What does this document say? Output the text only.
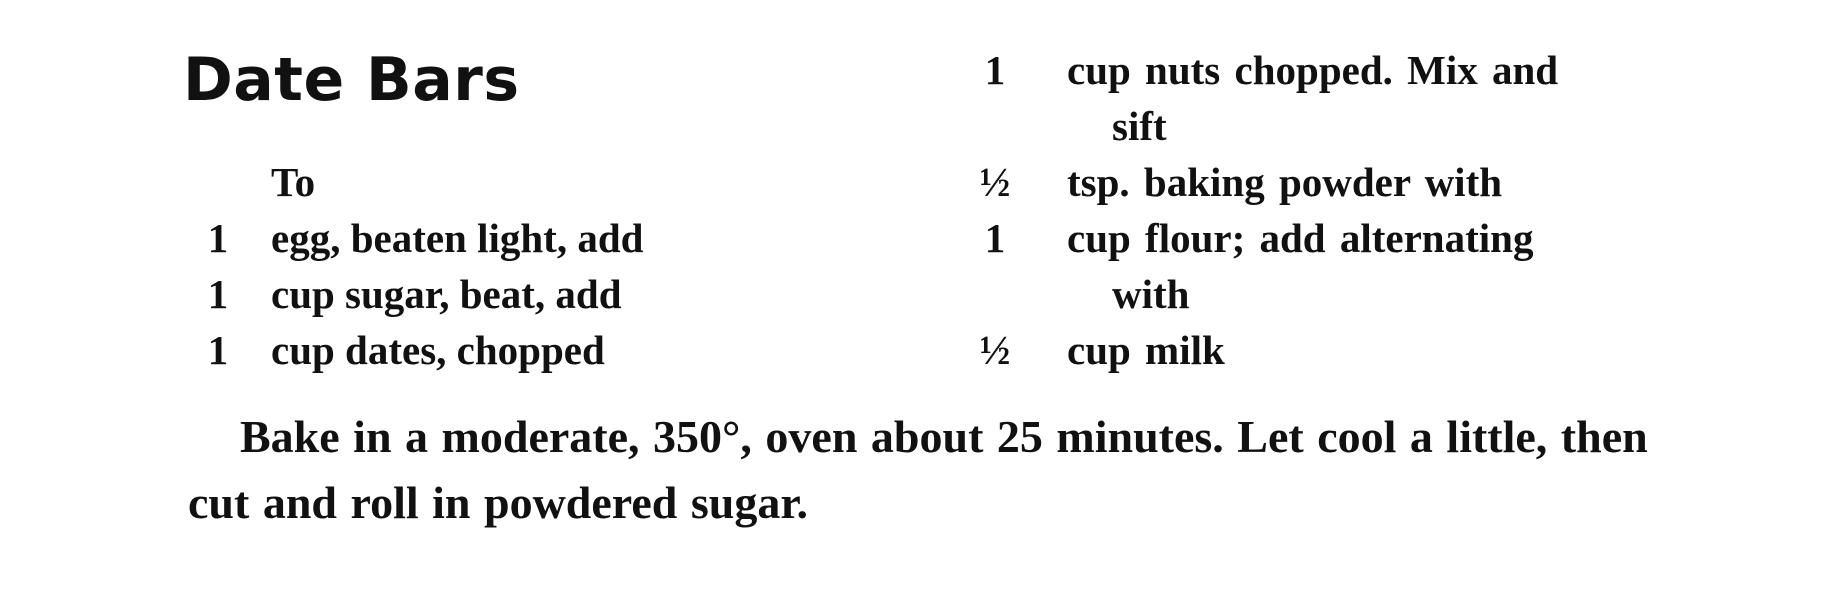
Date Bars
To
1	egg, beaten light, add
1	cup sugar, beat, add
1	cup dates, chopped
1	cup nuts chopped. Mix and
sift
½	tsp. baking powder with
1	cup flour; add alternating
with
½	cup milk

Bake in a moderate, 350°, oven about 25 minutes. Let cool a little, then cut and roll in powdered sugar.
